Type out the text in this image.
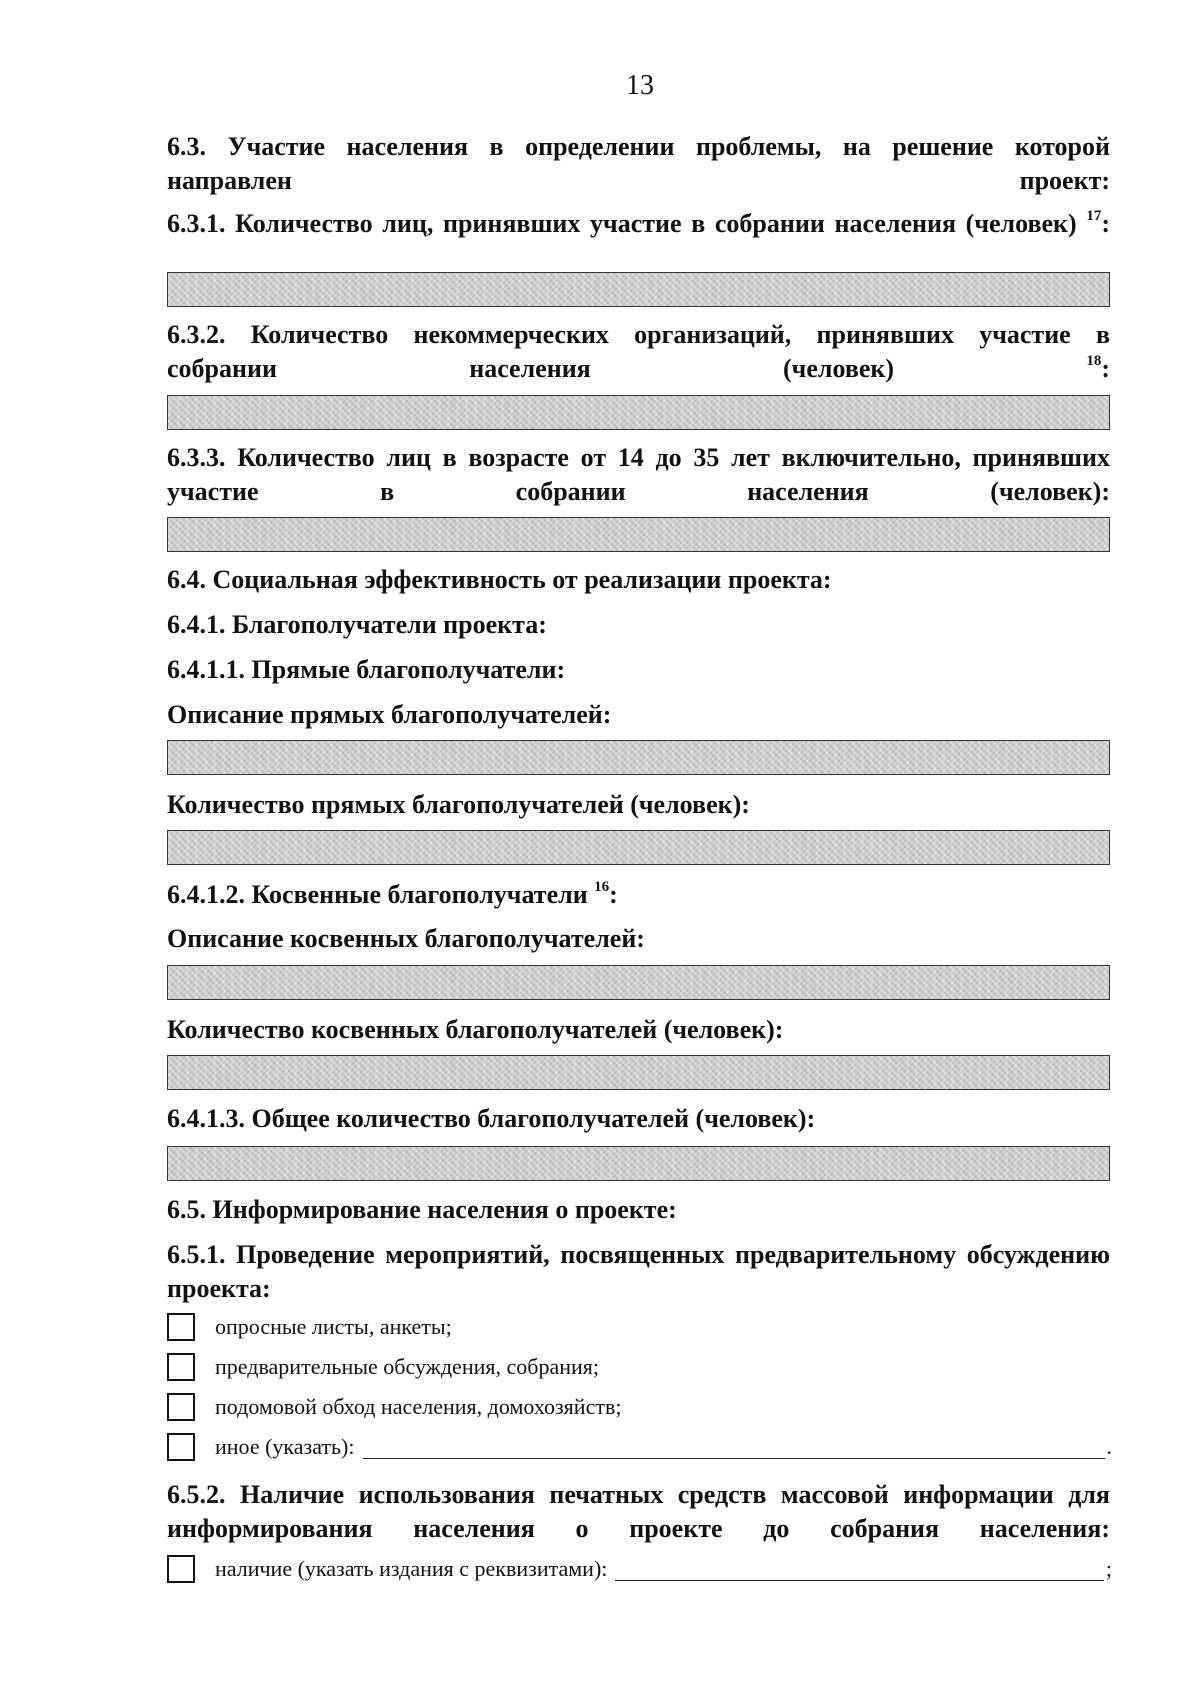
13
6.3. Участие населения в определении проблемы, на решение которой направлен проект:
6.3.1. Количество лиц, принявших участие в собрании населения (человек) $^{17}$:
6.3.2. Количество некоммерческих организаций, принявших участие в собрании населения (человек)	$^{18}$:
6.3.3. Количество лиц в возрасте от 14 до 35 лет включительно, принявших участие в собрании населения (человек):
6.4. Социальная эффективность от реализации проекта:
6.4.1. Благополучатели проекта:
6.4.1.1. Прямые благополучатели:
Описание прямых благополучателей:
Количество прямых благополучателей (человек):
6.4.1.2. Косвенные благополучатели $^{16}$:
Описание косвенных благополучателей:
Количество косвенных благополучателей (человек):
6.4.1.3. Общее количество благополучателей (человек):
6.5. Информирование населения о проекте:
6.5.1. Проведение мероприятий, посвященных предварительному обсуждению проекта:
опросные листы, анкеты;
предварительные обсуждения, собрания;
подомовой обход населения, домохозяйств;
иное (указать):	.
6.5.2. Наличие использования печатных средств массовой информации для информирования населения о проекте до собрания населения:
наличие (указать издания с реквизитами):	;
